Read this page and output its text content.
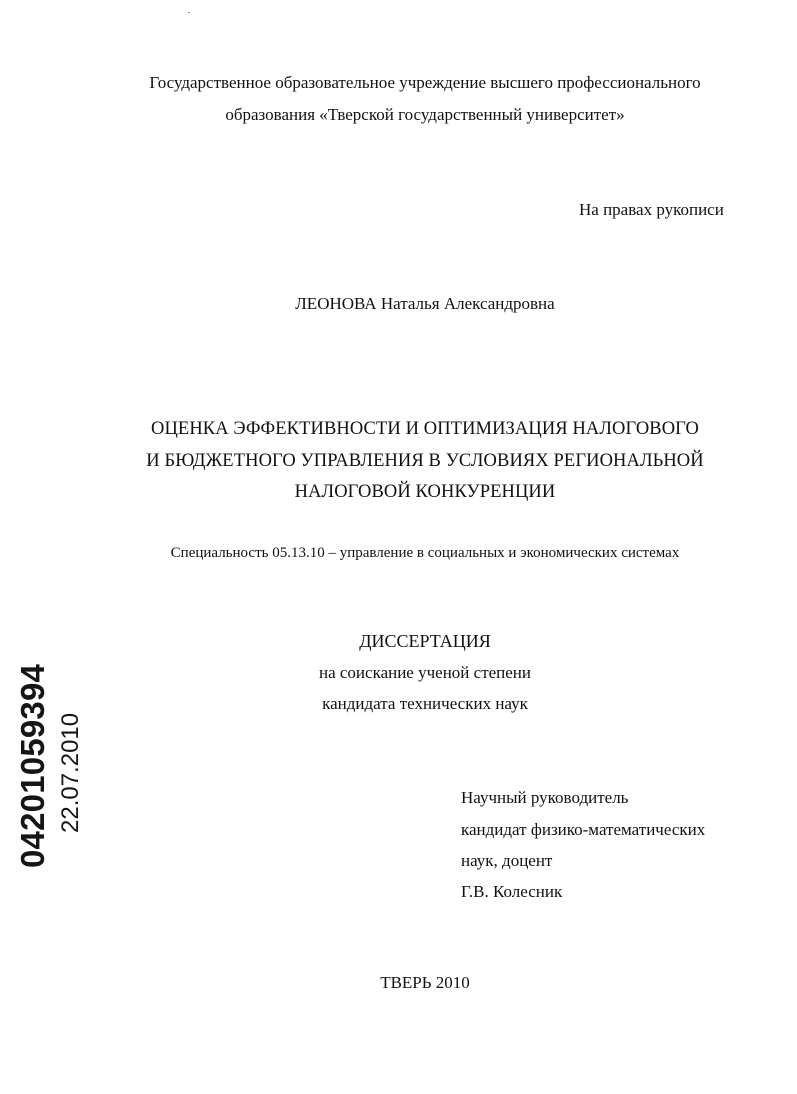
Государственное образовательное учреждение высшего профессионального
образования «Тверской государственный университет»
На правах рукописи
ЛЕОНОВА Наталья Александровна
ОЦЕНКА ЭФФЕКТИВНОСТИ И ОПТИМИЗАЦИЯ НАЛОГОВОГО
И БЮДЖЕТНОГО УПРАВЛЕНИЯ В УСЛОВИЯХ РЕГИОНАЛЬНОЙ
НАЛОГОВОЙ КОНКУРЕНЦИИ
Специальность 05.13.10 – управление в социальных и экономических системах
ДИССЕРТАЦИЯ
на соискание ученой степени
кандидата технических наук
Научный руководитель
кандидат физико-математических
наук, доцент
Г.В. Колесник
ТВЕРЬ 2010
04201059394 22.07.2010
